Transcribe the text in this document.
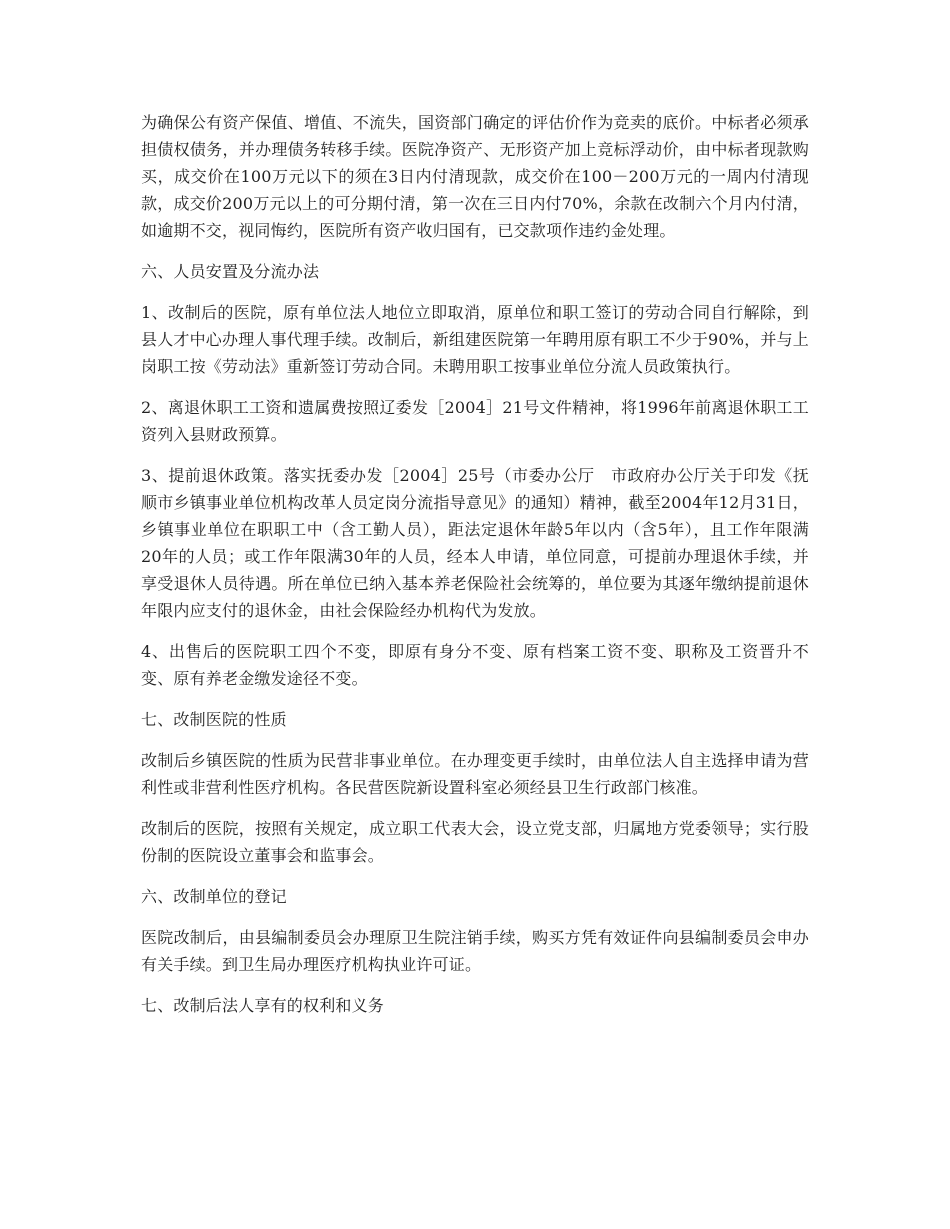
为确保公有资产保值、增值、不流失，国资部门确定的评估价作为竞卖的底价。中标者必须承担债权债务，并办理债务转移手续。医院净资产、无形资产加上竞标浮动价，由中标者现款购买，成交价在100万元以下的须在3日内付清现款，成交价在100－200万元的一周内付清现款，成交价200万元以上的可分期付清，第一次在三日内付70%，余款在改制六个月内付清，如逾期不交，视同悔约，医院所有资产收归国有，已交款项作违约金处理。

六、人员安置及分流办法

1、改制后的医院，原有单位法人地位立即取消，原单位和职工签订的劳动合同自行解除，到县人才中心办理人事代理手续。改制后，新组建医院第一年聘用原有职工不少于90%，并与上岗职工按《劳动法》重新签订劳动合同。未聘用职工按事业单位分流人员政策执行。

2、离退休职工工资和遗属费按照辽委发［2004］21号文件精神，将1996年前离退休职工工资列入县财政预算。

3、提前退休政策。落实抚委办发［2004］25号（市委办公厅　市政府办公厅关于印发《抚顺市乡镇事业单位机构改革人员定岗分流指导意见》的通知）精神，截至2004年12月31日，乡镇事业单位在职职工中（含工勤人员），距法定退休年龄5年以内（含5年），且工作年限满20年的人员；或工作年限满30年的人员，经本人申请，单位同意，可提前办理退休手续，并享受退休人员待遇。所在单位已纳入基本养老保险社会统筹的，单位要为其逐年缴纳提前退休年限内应支付的退休金，由社会保险经办机构代为发放。

4、出售后的医院职工四个不变，即原有身分不变、原有档案工资不变、职称及工资晋升不变、原有养老金缴发途径不变。

七、改制医院的性质

改制后乡镇医院的性质为民营非事业单位。在办理变更手续时，由单位法人自主选择申请为营利性或非营利性医疗机构。各民营医院新设置科室必须经县卫生行政部门核准。

改制后的医院，按照有关规定，成立职工代表大会，设立党支部，归属地方党委领导；实行股份制的医院设立董事会和监事会。

六、改制单位的登记

医院改制后，由县编制委员会办理原卫生院注销手续，购买方凭有效证件向县编制委员会申办有关手续。到卫生局办理医疗机构执业许可证。

七、改制后法人享有的权利和义务
